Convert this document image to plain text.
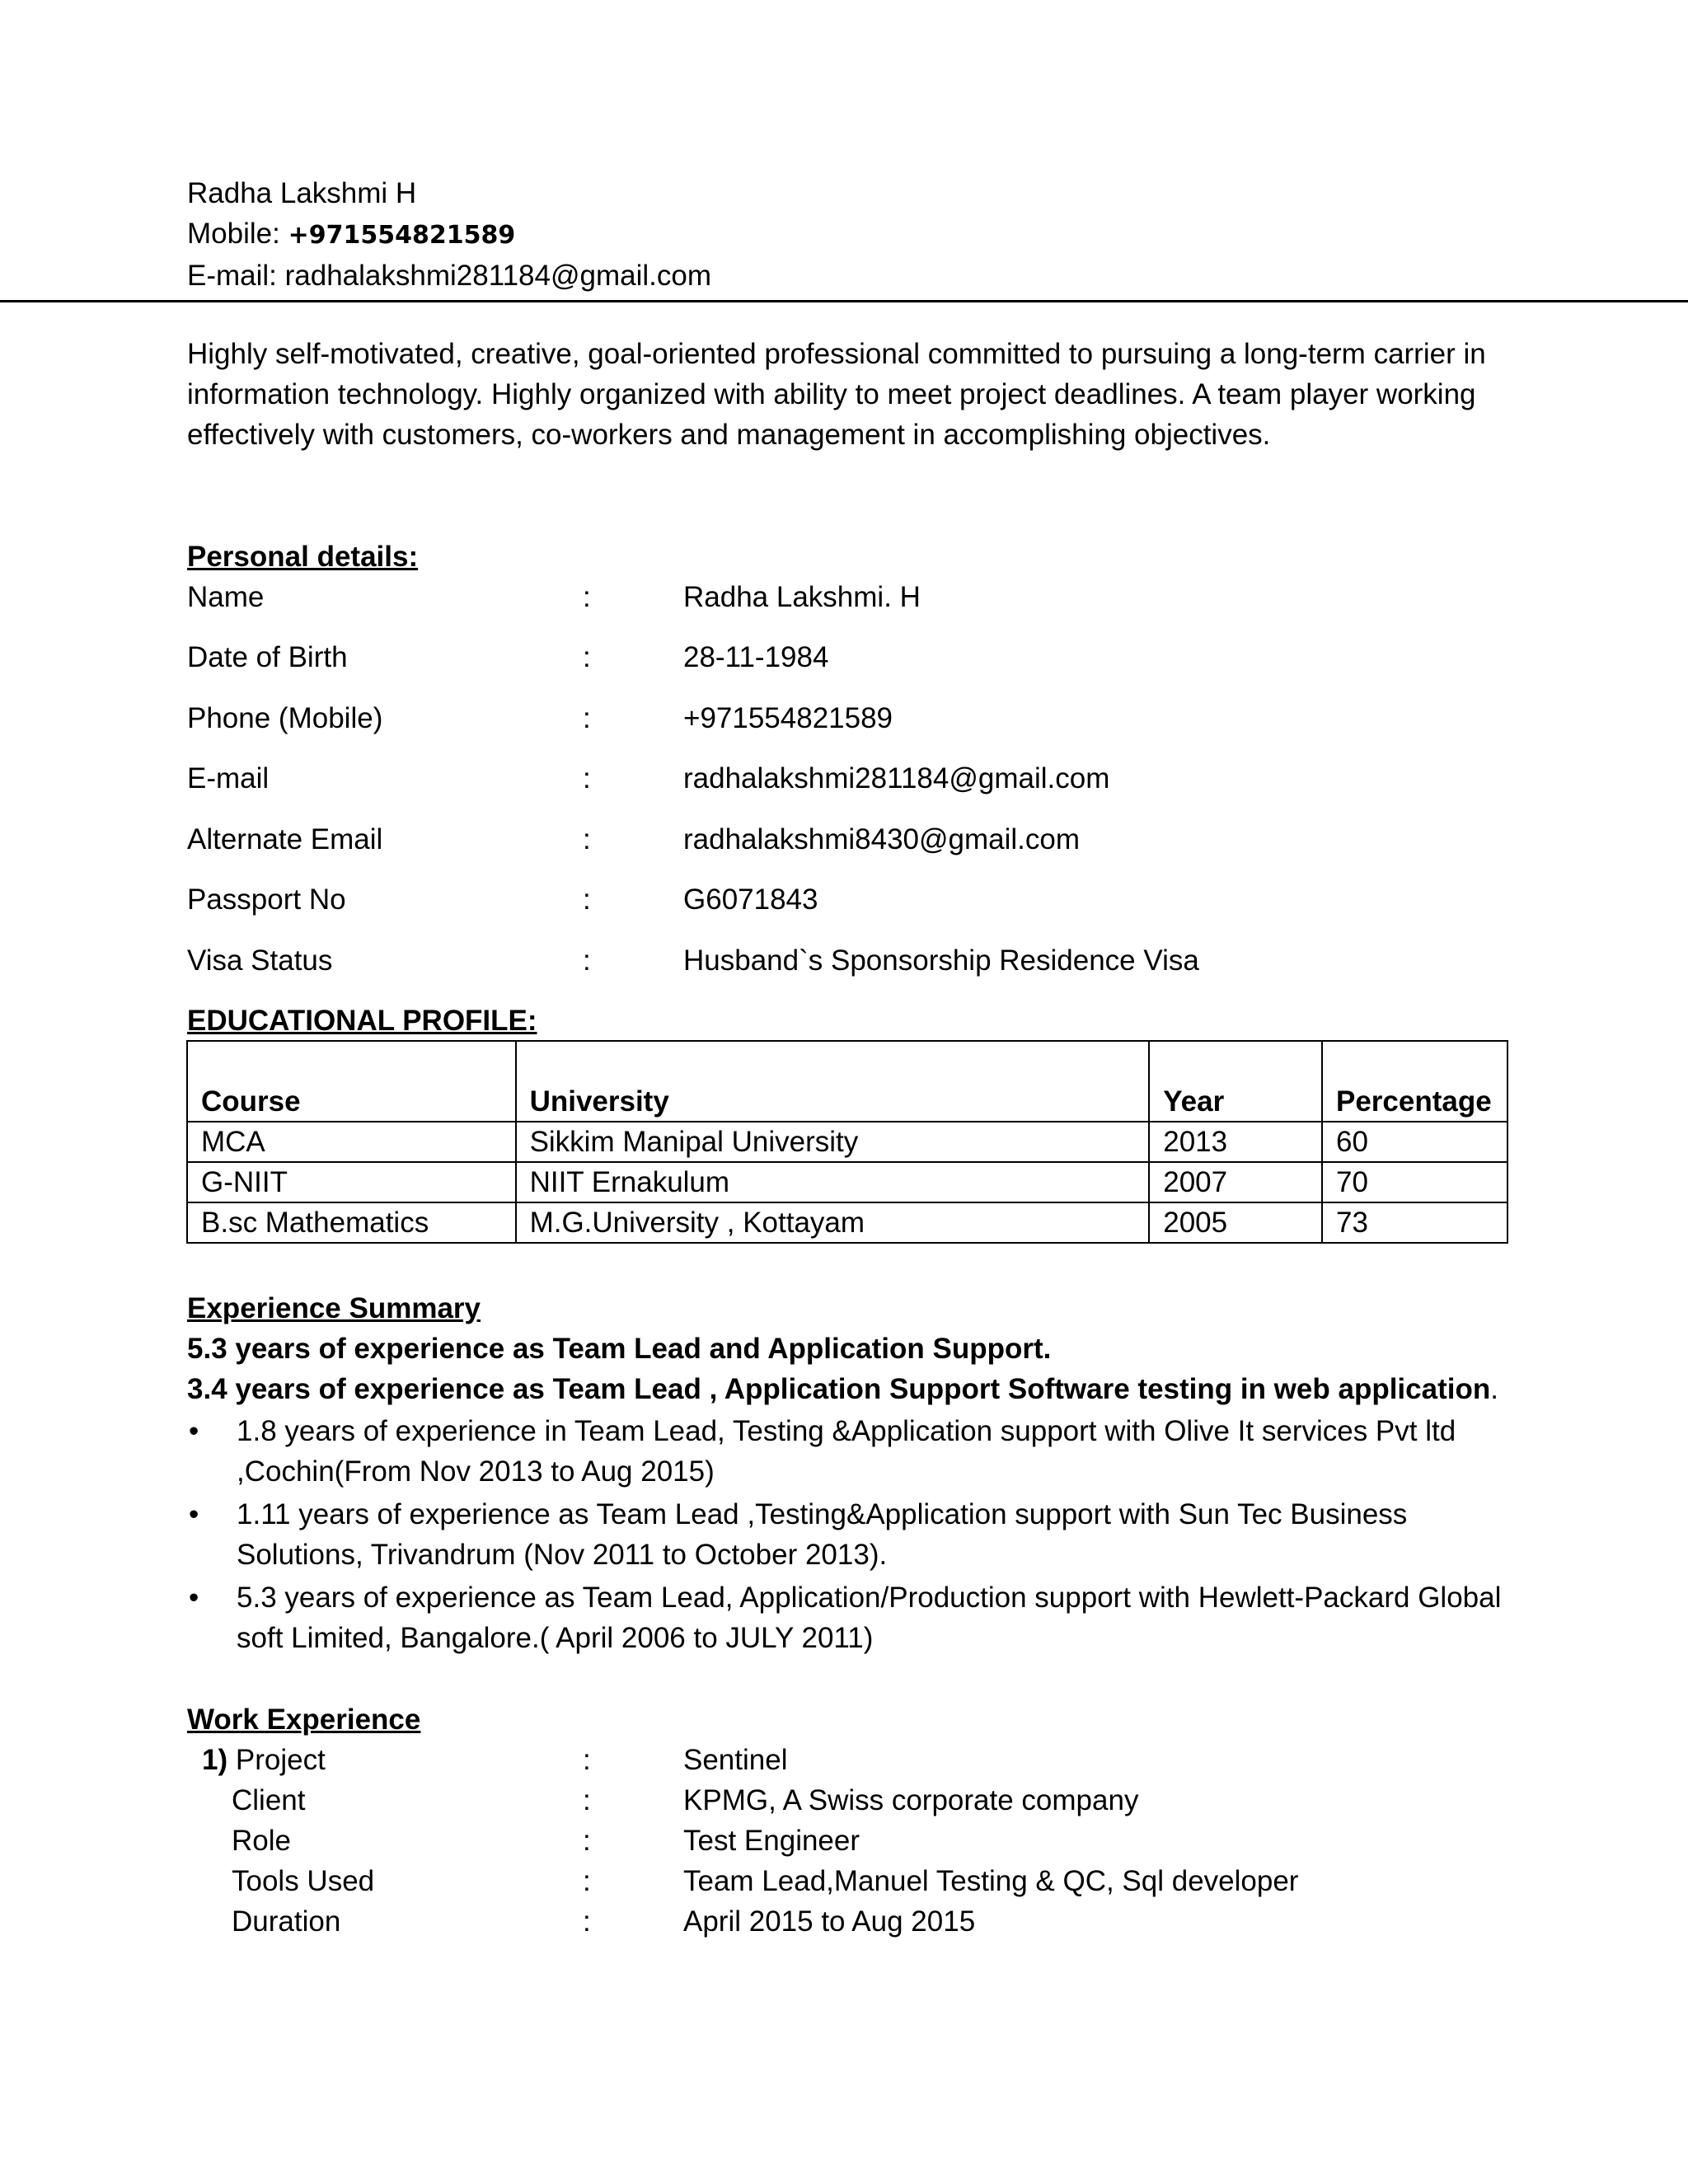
Radha Lakshmi H
Mobile: +971554821589
E-mail: radhalakshmi281184@gmail.com
Highly self-motivated, creative, goal-oriented professional committed to pursuing a long-term carrier in information technology. Highly organized with ability to meet project deadlines. A team player working effectively with customers, co-workers and management in accomplishing objectives.
Personal details:
Name	:	Radha Lakshmi. H
Date of Birth	:	28-11-1984
Phone (Mobile)	:	+971554821589
E-mail	:	radhalakshmi281184@gmail.com
Alternate Email	:	radhalakshmi8430@gmail.com
Passport No	:	G6071843
Visa Status	:	Husband`s Sponsorship Residence Visa
EDUCATIONAL PROFILE:
Course	University	Year	Percentage
MCA	Sikkim Manipal University	2013	60
G-NIIT	NIIT Ernakulum	2007	70
B.sc Mathematics	M.G.University , Kottayam	2005	73
Experience Summary
5.3 years of experience as Team Lead and Application Support.
3.4 years of experience as Team Lead , Application Support Software testing in web application.
• 1.8 years of experience in Team Lead, Testing &Application support with Olive It services Pvt ltd ,Cochin(From Nov 2013 to Aug 2015)
• 1.11 years of experience as Team Lead ,Testing&Application support with Sun Tec Business Solutions, Trivandrum (Nov 2011 to October 2013).
• 5.3 years of experience as Team Lead, Application/Production support with Hewlett-Packard Global soft Limited, Bangalore.( April 2006 to JULY 2011)
Work Experience
1) Project	:	Sentinel
Client	:	KPMG, A Swiss corporate company
Role	:	Test Engineer
Tools Used	:	Team Lead,Manuel Testing & QC, Sql developer
Duration	:	April 2015 to Aug 2015
